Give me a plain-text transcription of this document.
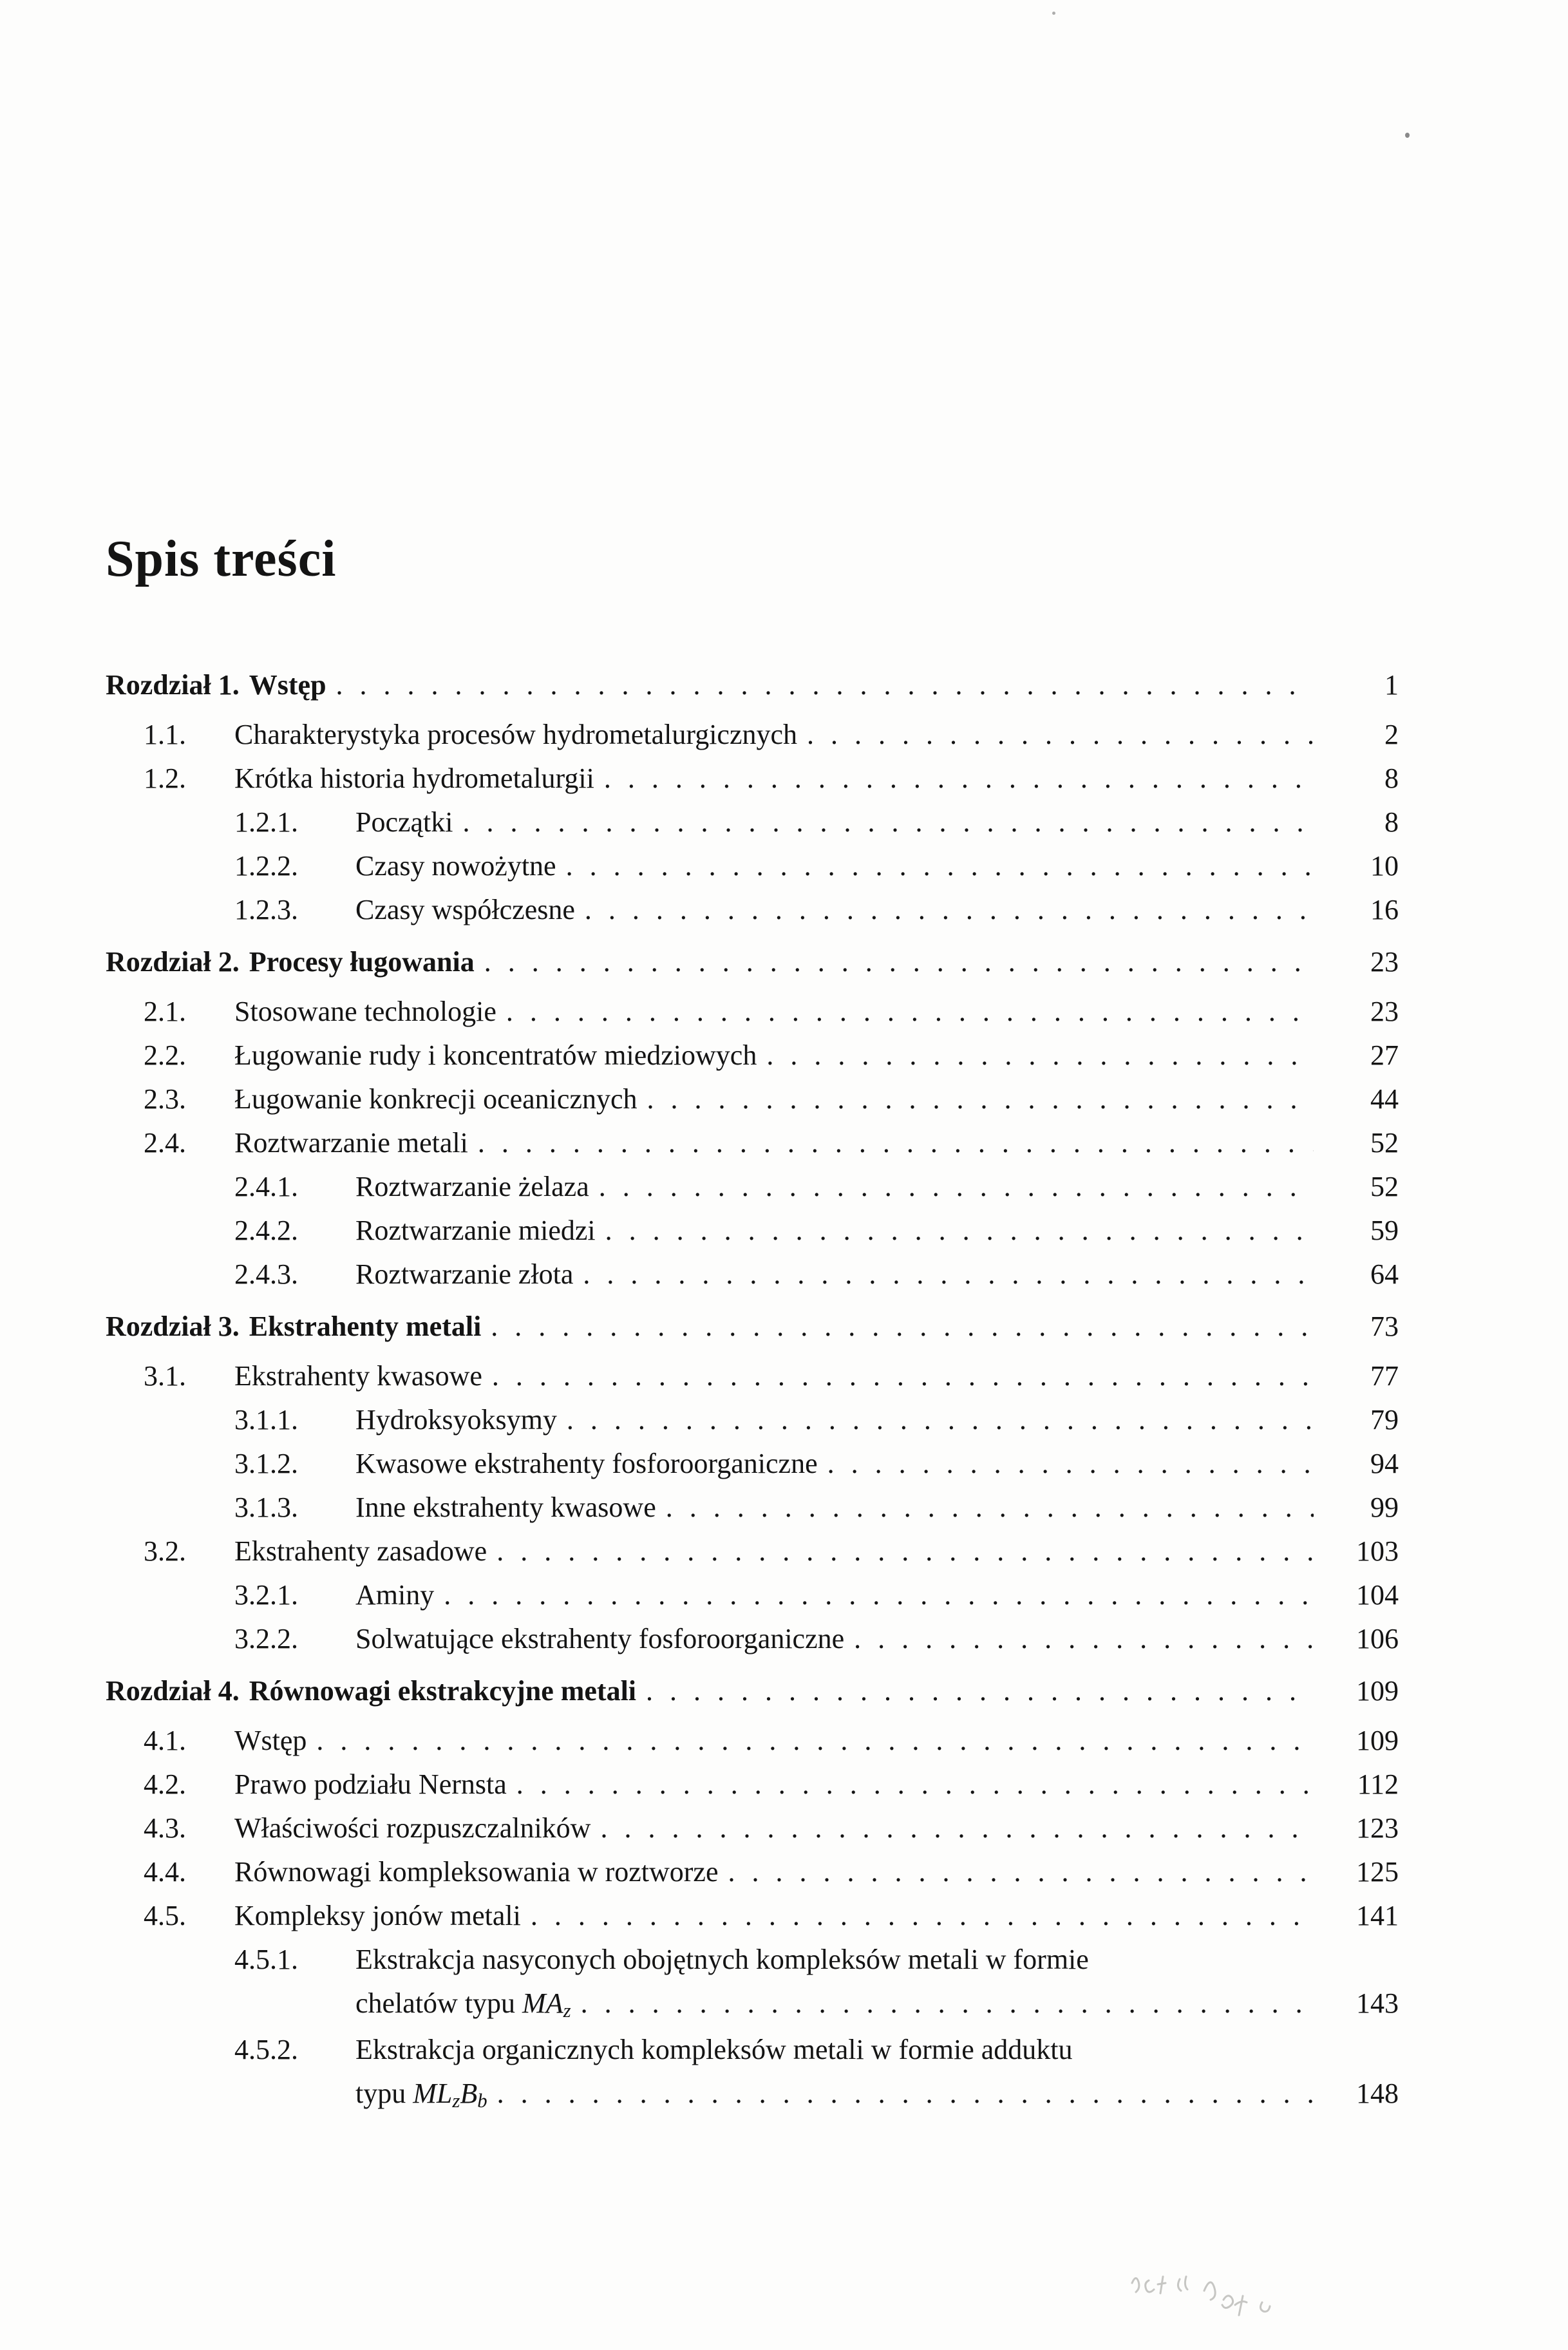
Spis treści
Rozdział 1. Wstęp . . .	1
1.1.	Charakterystyka procesów hydrometalurgicznych . . .	2
1.2.	Krótka historia hydrometalurgii . . .	8
1.2.1.	Początki . . .	8
1.2.2.	Czasy nowożytne . . .	10
1.2.3.	Czasy współczesne . . .	16
Rozdział 2. Procesy ługowania . . .	23
2.1.	Stosowane technologie . . .	23
2.2.	Ługowanie rudy i koncentratów miedziowych . . .	27
2.3.	Ługowanie konkrecji oceanicznych . . .	44
2.4.	Roztwarzanie metali . . .	52
2.4.1.	Roztwarzanie żelaza . . .	52
2.4.2.	Roztwarzanie miedzi . . .	59
2.4.3.	Roztwarzanie złota . . .	64
Rozdział 3. Ekstrahenty metali . . .	73
3.1.	Ekstrahenty kwasowe . . .	77
3.1.1.	Hydroksyoksymy . . .	79
3.1.2.	Kwasowe ekstrahenty fosforoorganiczne . . .	94
3.1.3.	Inne ekstrahenty kwasowe . . .	99
3.2.	Ekstrahenty zasadowe . . .	103
3.2.1.	Aminy . . .	104
3.2.2.	Solwatujące ekstrahenty fosforoorganiczne . . .	106
Rozdział 4. Równowagi ekstrakcyjne metali . . .	109
4.1.	Wstęp . . .	109
4.2.	Prawo podziału Nernsta . . .	112
4.3.	Właściwości rozpuszczalników . . .	123
4.4.	Równowagi kompleksowania w roztworze . . .	125
4.5.	Kompleksy jonów metali . . .	141
4.5.1.	Ekstrakcja nasyconych obojętnych kompleksów metali w formie
chelatów typu $MA_z$ . . .	143
4.5.2.	Ekstrakcja organicznych kompleksów metali w formie adduktu
typu $ML_zB_b$ . . .	148
